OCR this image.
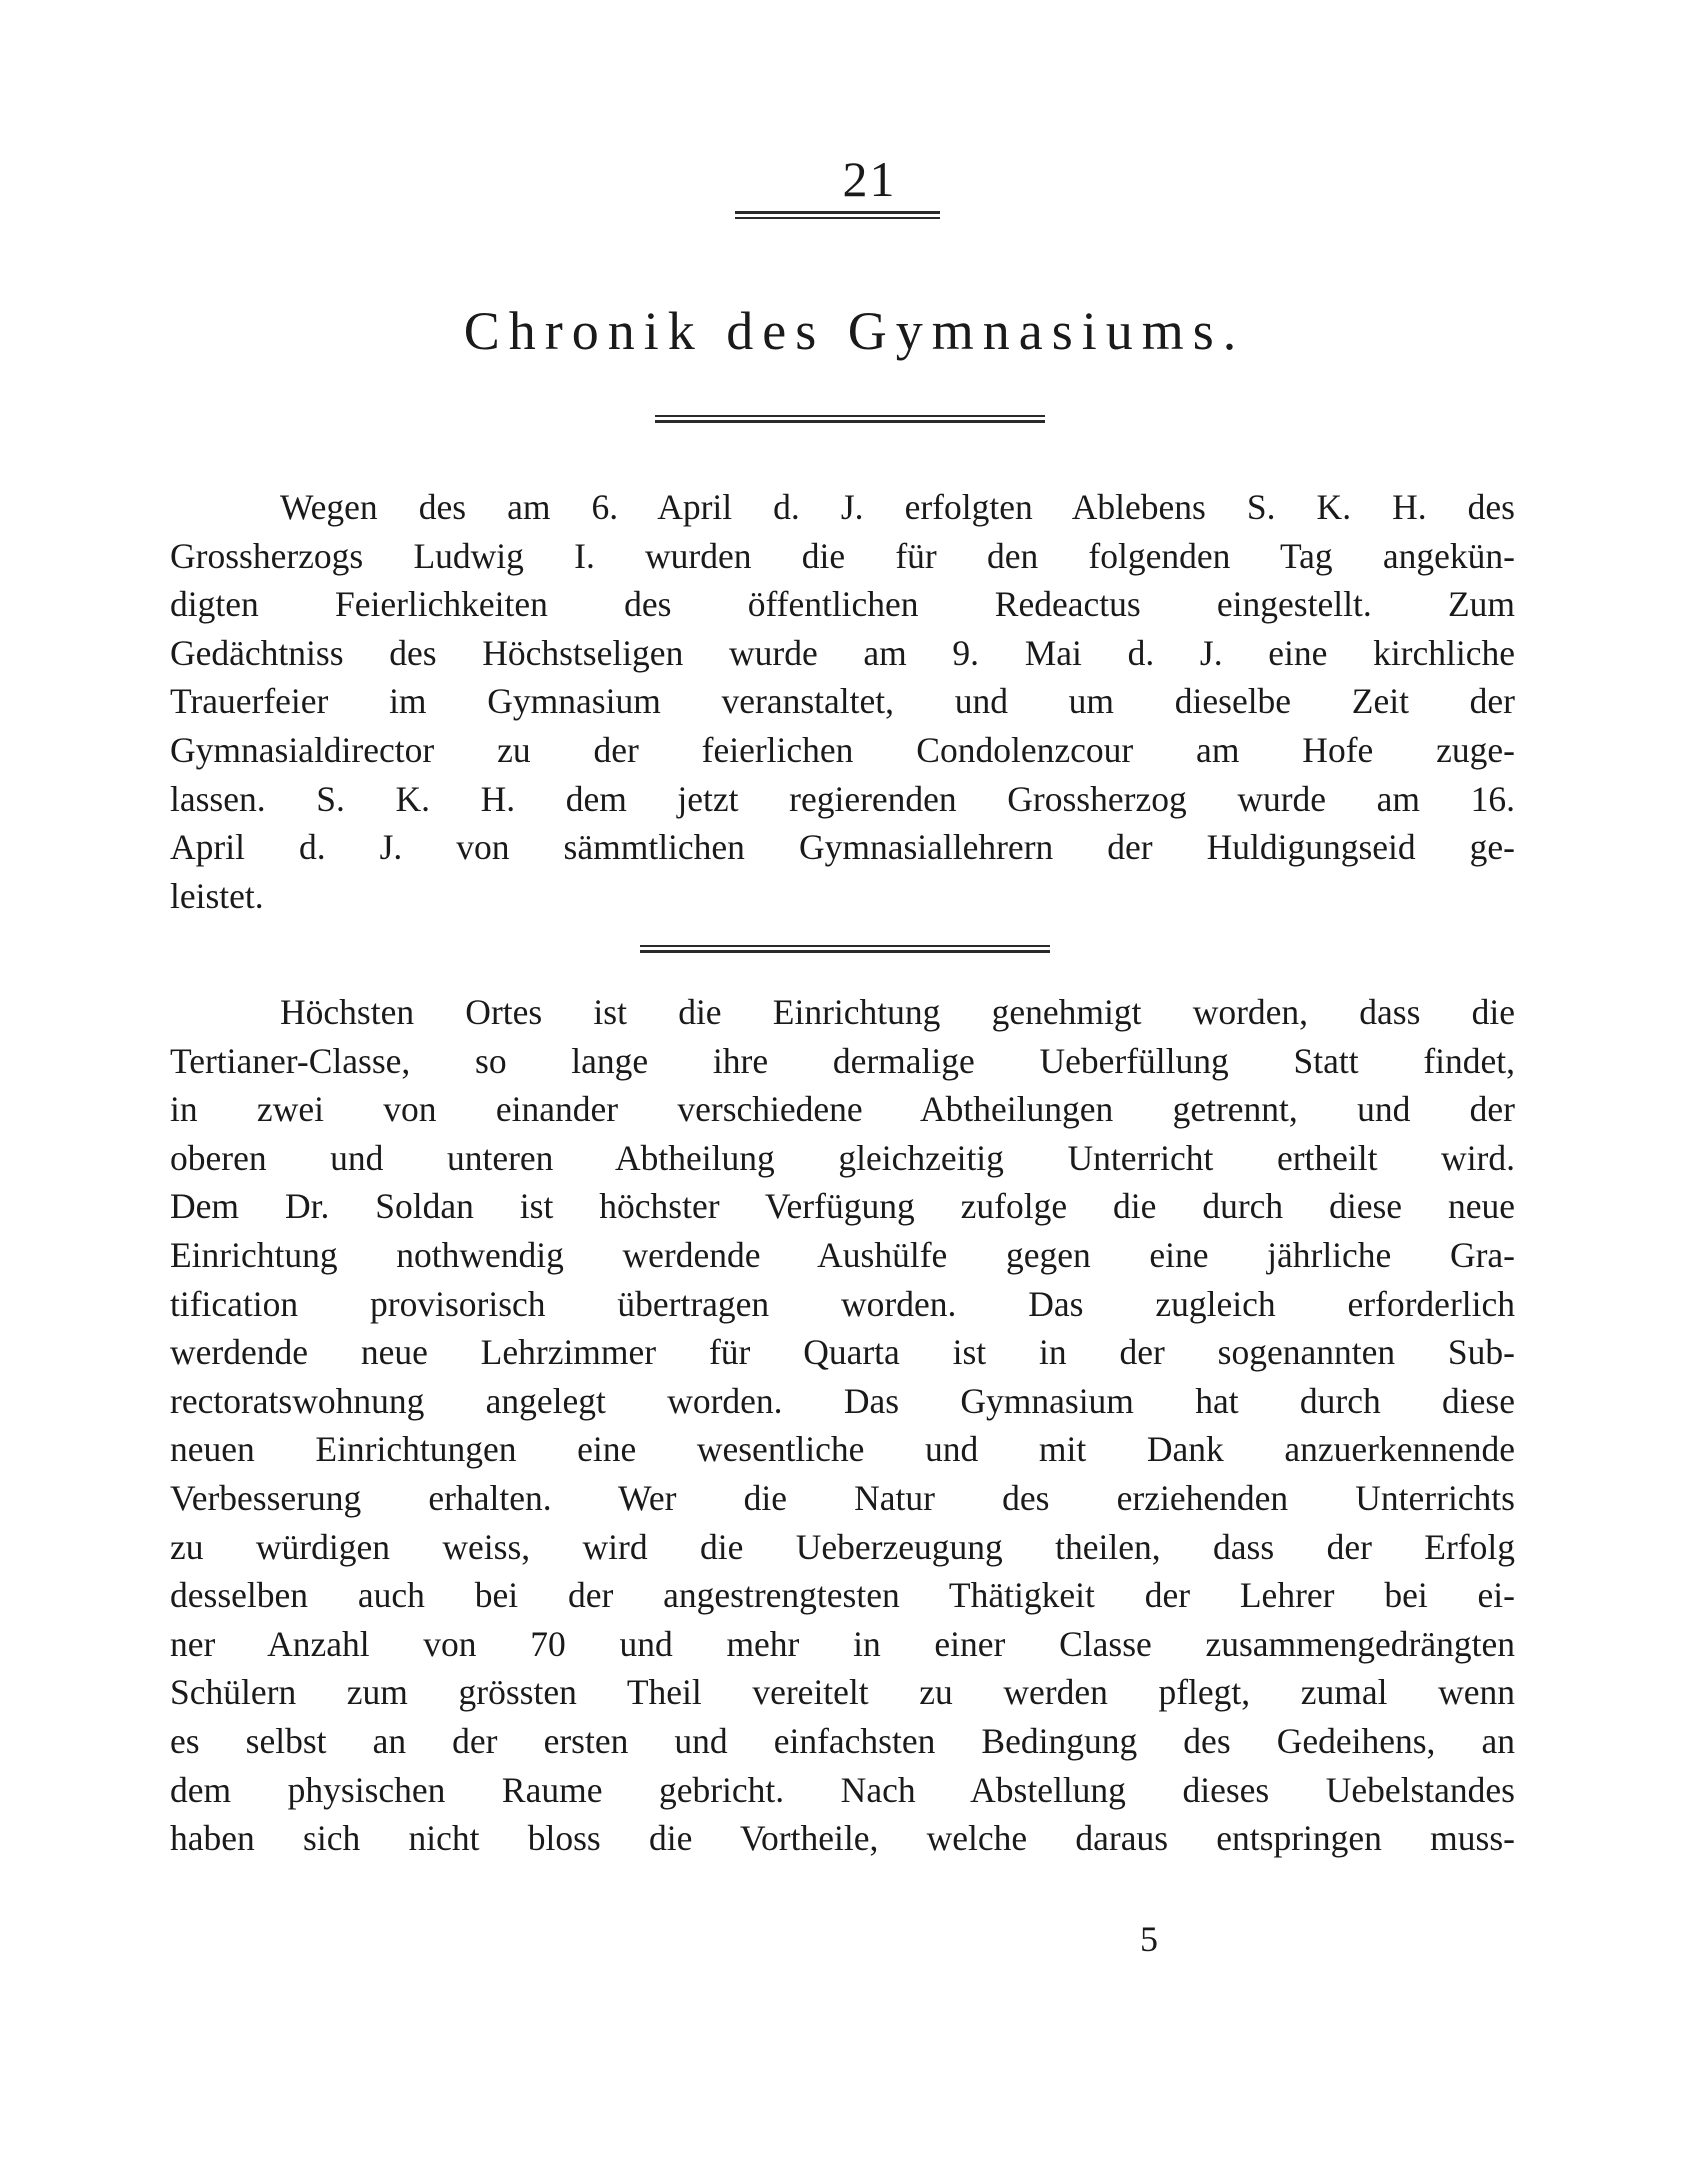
21
Chronik des Gymnasiums.

Wegen des am 6. April d. J. erfolgten Ablebens S. K. H. des
Grossherzogs Ludwig I. wurden die für den folgenden Tag angekün-
digten Feierlichkeiten des öffentlichen Redeactus eingestellt. Zum
Gedächtniss des Höchstseligen wurde am 9. Mai d. J. eine kirchliche
Trauerfeier im Gymnasium veranstaltet, und um dieselbe Zeit der
Gymnasialdirector zu der feierlichen Condolenzcour am Hofe zuge-
lassen. S. K. H. dem jetzt regierenden Grossherzog wurde am 16.
April d. J. von sämmtlichen Gymnasiallehrern der Huldigungseid ge-
leistet.

Höchsten Ortes ist die Einrichtung genehmigt worden, dass die
Tertianer-Classe, so lange ihre dermalige Ueberfüllung Statt findet,
in zwei von einander verschiedene Abtheilungen getrennt, und der
oberen und unteren Abtheilung gleichzeitig Unterricht ertheilt wird.
Dem Dr. Soldan ist höchster Verfügung zufolge die durch diese neue
Einrichtung nothwendig werdende Aushülfe gegen eine jährliche Gra-
tification provisorisch übertragen worden. Das zugleich erforderlich
werdende neue Lehrzimmer für Quarta ist in der sogenannten Sub-
rectoratswohnung angelegt worden. Das Gymnasium hat durch diese
neuen Einrichtungen eine wesentliche und mit Dank anzuerkennende
Verbesserung erhalten. Wer die Natur des erziehenden Unterrichts
zu würdigen weiss, wird die Ueberzeugung theilen, dass der Erfolg
desselben auch bei der angestrengtesten Thätigkeit der Lehrer bei ei-
ner Anzahl von 70 und mehr in einer Classe zusammengedrängten
Schülern zum grössten Theil vereitelt zu werden pflegt, zumal wenn
es selbst an der ersten und einfachsten Bedingung des Gedeihens, an
dem physischen Raume gebricht. Nach Abstellung dieses Uebelstandes
haben sich nicht bloss die Vortheile, welche daraus entspringen muss-

5
